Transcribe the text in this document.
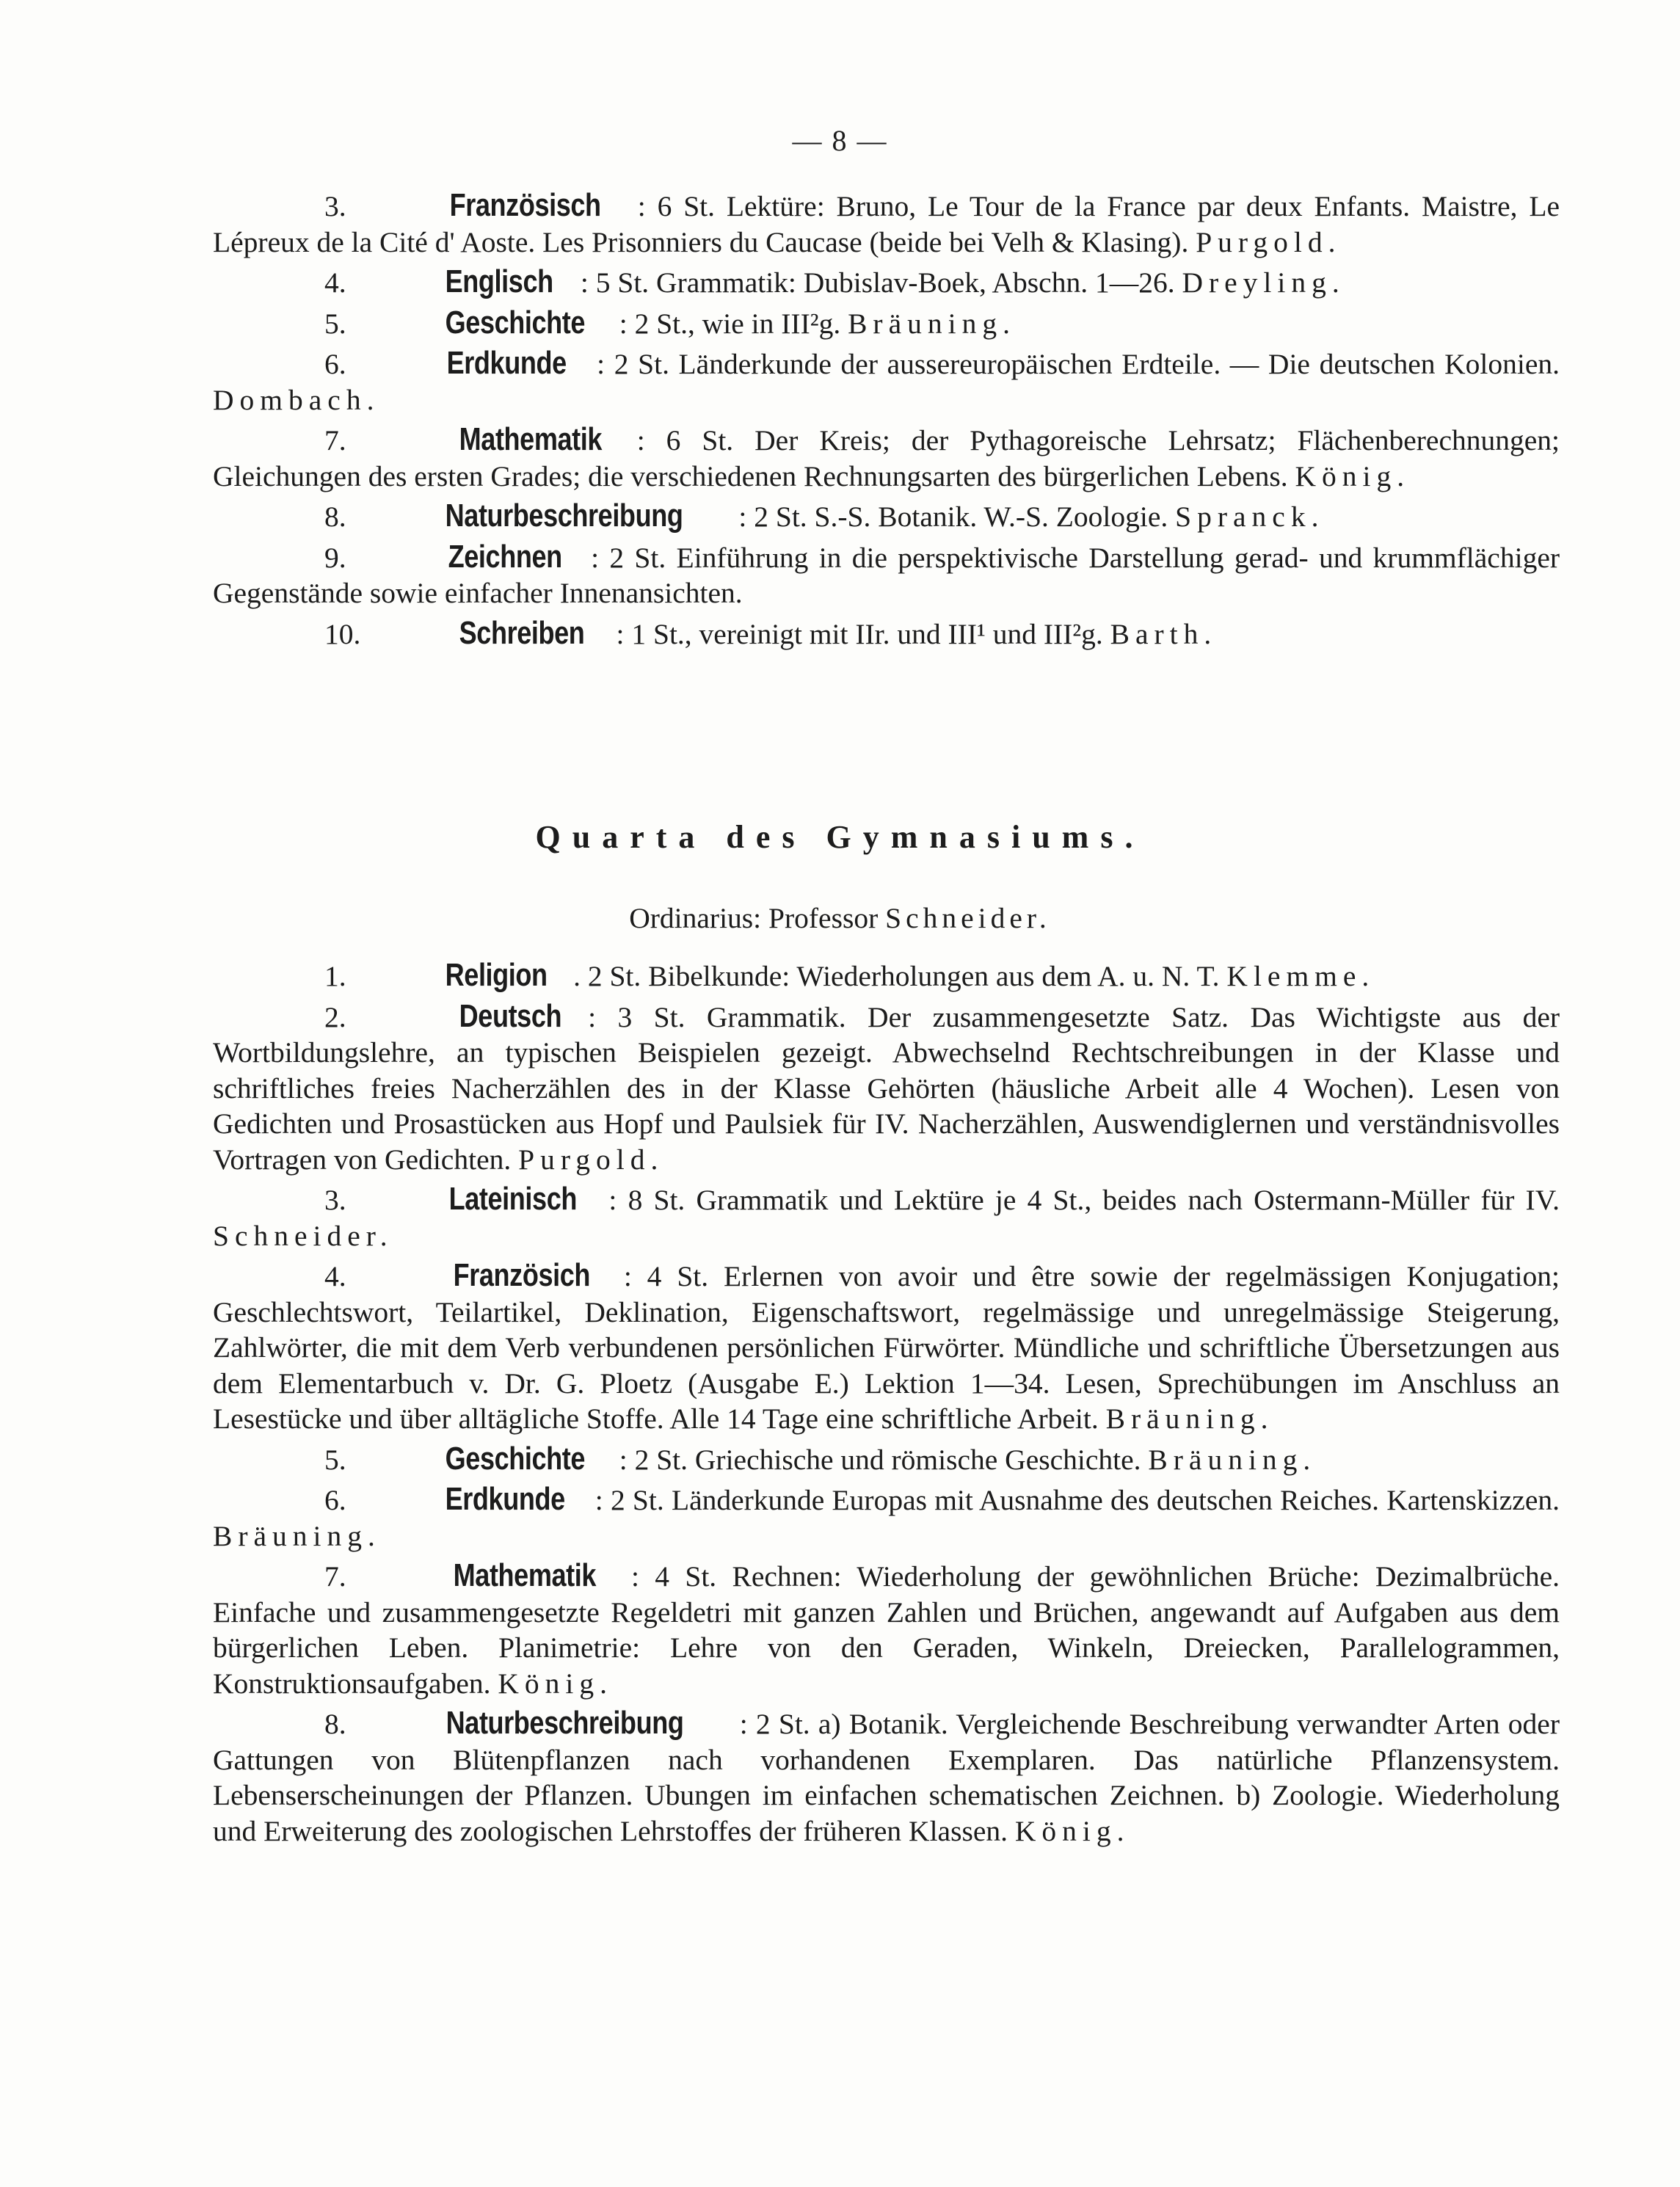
— 8 —

3.	Französisch : 6 St. Lektüre: Bruno, Le Tour de la France par deux Enfants. Maistre, Le Lépreux de la Cité d' Aoste. Les Prisonniers du Caucase (beide bei Velh & Klasing). Purgold.

4.	Englisch : 5 St. Grammatik: Dubislav-Boek, Abschn. 1—26. Dreyling.

5.	Geschichte : 2 St., wie in III²g. Bräuning.

6.	Erdkunde : 2 St. Länderkunde der aussereuropäischen Erdteile. — Die deutschen Kolonien. Dombach.

7.	Mathematik : 6 St. Der Kreis; der Pythagoreische Lehrsatz; Flächenberechnungen; Gleichungen des ersten Grades; die verschiedenen Rechnungsarten des bürgerlichen Lebens. König.

8.	Naturbeschreibung : 2 St. S.-S. Botanik. W.-S. Zoologie. Spranck.

9.	Zeichnen : 2 St. Einführung in die perspektivische Darstellung gerad- und krummflächiger Gegenstände sowie einfacher Innenansichten.

10.	Schreiben : 1 St., vereinigt mit IIr. und III¹ und III²g. Barth.

Quarta des Gymnasiums.
Ordinarius: Professor Schneider.

1.	Religion . 2 St. Bibelkunde: Wiederholungen aus dem A. u. N. T. Klemme.

2.	Deutsch : 3 St. Grammatik. Der zusammengesetzte Satz. Das Wichtigste aus der Wortbildungslehre, an typischen Beispielen gezeigt. Abwechselnd Rechtschreibungen in der Klasse und schriftliches freies Nacherzählen des in der Klasse Gehörten (häusliche Arbeit alle 4 Wochen). Lesen von Gedichten und Prosastücken aus Hopf und Paulsiek für IV. Nacherzählen, Auswendiglernen und verständnisvolles Vortragen von Gedichten. Purgold.

3.	Lateinisch : 8 St. Grammatik und Lektüre je 4 St., beides nach Ostermann-Müller für IV. Schneider.

4.	Französich : 4 St. Erlernen von avoir und être sowie der regelmässigen Konjugation; Geschlechtswort, Teilartikel, Deklination, Eigenschaftswort, regelmässige und unregelmässige Steigerung, Zahlwörter, die mit dem Verb verbundenen persönlichen Fürwörter. Mündliche und schriftliche Übersetzungen aus dem Elementarbuch v. Dr. G. Ploetz (Ausgabe E.) Lektion 1—34. Lesen, Sprechübungen im Anschluss an Lesestücke und über alltägliche Stoffe. Alle 14 Tage eine schriftliche Arbeit. Bräuning.

5.	Geschichte : 2 St. Griechische und römische Geschichte. Bräuning.

6.	Erdkunde : 2 St. Länderkunde Europas mit Ausnahme des deutschen Reiches. Kartenskizzen. Bräuning.

7.	Mathematik : 4 St. Rechnen: Wiederholung der gewöhnlichen Brüche: Dezimalbrüche. Einfache und zusammengesetzte Regeldetri mit ganzen Zahlen und Brüchen, angewandt auf Aufgaben aus dem bürgerlichen Leben. Planimetrie: Lehre von den Geraden, Winkeln, Dreiecken, Parallelogrammen, Konstruktionsaufgaben. König.

8.	Naturbeschreibung : 2 St. a) Botanik. Vergleichende Beschreibung verwandter Arten oder Gattungen von Blütenpflanzen nach vorhandenen Exemplaren. Das natürliche Pflanzensystem. Lebenserscheinungen der Pflanzen. Ubungen im einfachen schematischen Zeichnen. b) Zoologie. Wiederholung und Erweiterung des zoologischen Lehrstoffes der früheren Klassen. König.
